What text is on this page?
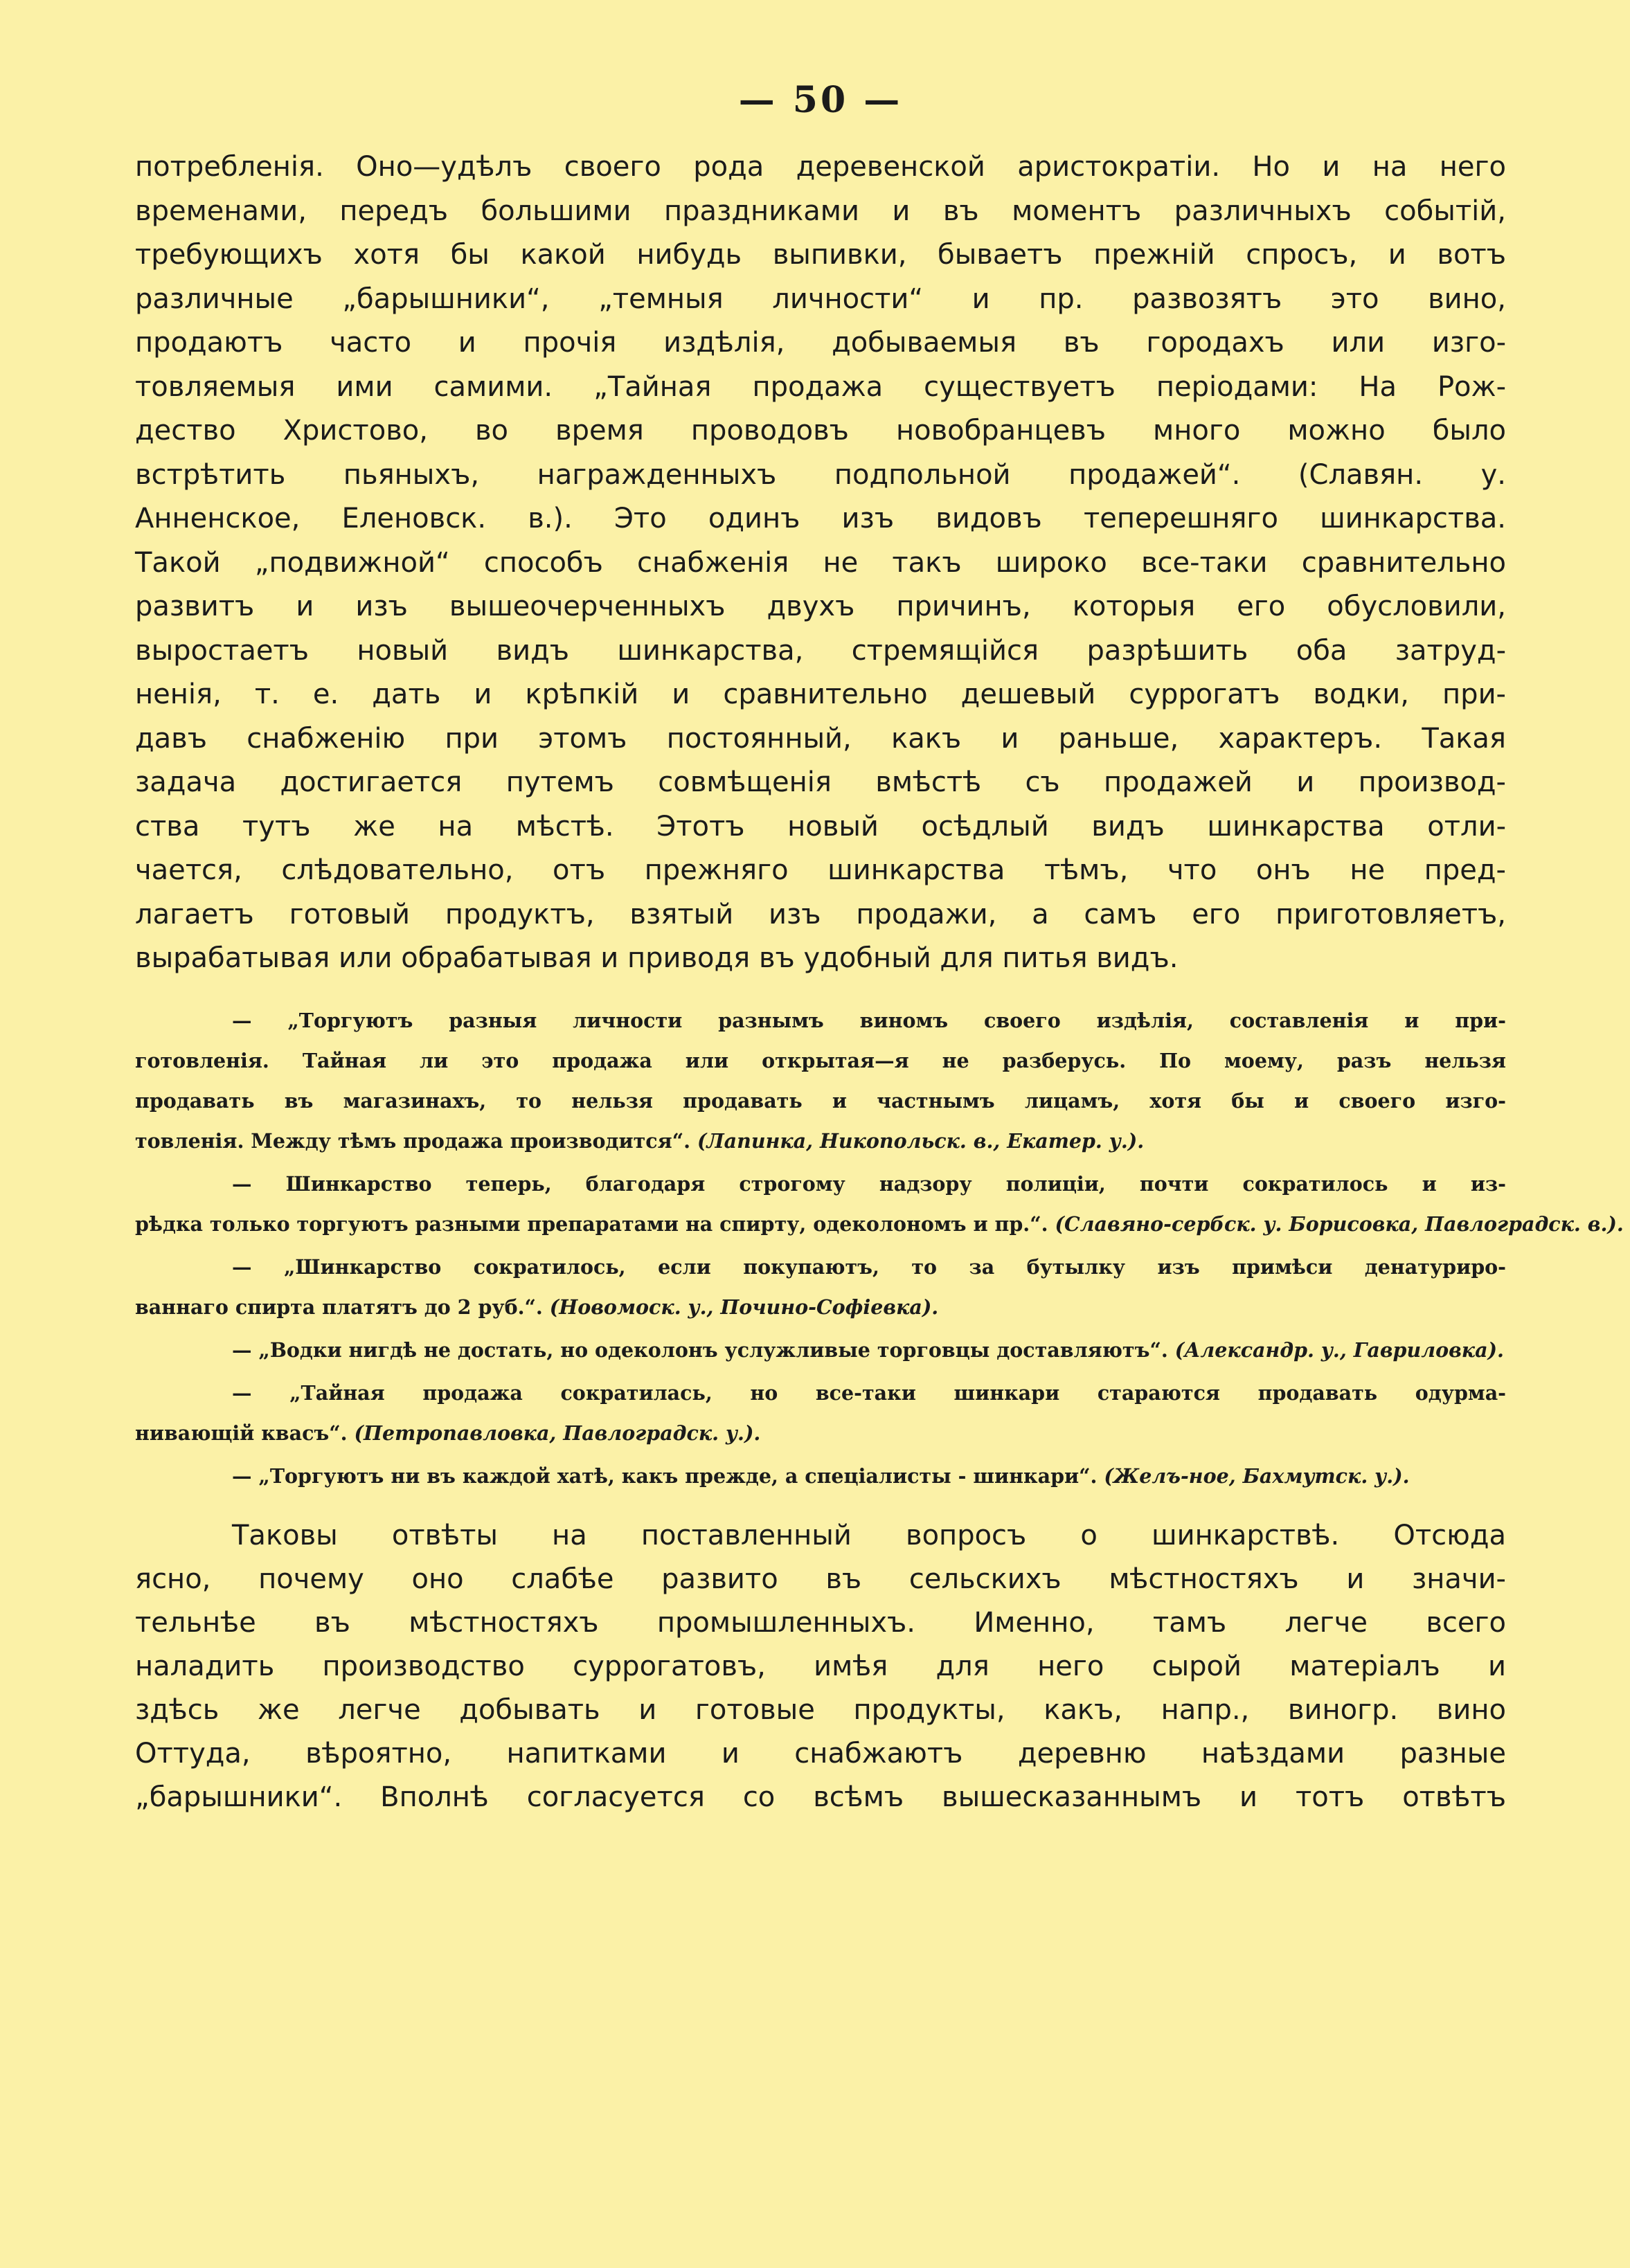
— 50 —
потребленія. Оно—удѣлъ своего рода деревенской аристократіи. Но и на него
временами, передъ большими праздниками и въ моментъ различныхъ событій,
требующихъ хотя бы какой нибудь выпивки, бываетъ прежній спросъ, и вотъ
различные „барышники“, „темныя личности“ и пр. развозятъ это вино,
продаютъ часто и прочія издѣлія, добываемыя въ городахъ или изго-
товляемыя ими самими. „Тайная продажа существуетъ періодами: На Рож-
дество Христово, во время проводовъ новобранцевъ много можно было
встрѣтить пьяныхъ, награжденныхъ подпольной продажей“. (Славян. у.
Анненское, Еленовск. в.). Это одинъ изъ видовъ теперешняго шинкарства.
Такой „подвижной“ способъ снабженія не такъ широко все-таки сравнительно
развитъ и изъ вышеочерченныхъ двухъ причинъ, которыя его обусловили,
выростаетъ новый видъ шинкарства, стремящійся разрѣшить оба затруд-
ненія, т. е. дать и крѣпкій и сравнительно дешевый суррогатъ водки, при-
давъ снабженію при этомъ постоянный, какъ и раньше, характеръ. Такая
задача достигается путемъ совмѣщенія вмѣстѣ съ продажей и производ-
ства тутъ же на мѣстѣ. Этотъ новый осѣдлый видъ шинкарства отли-
чается, слѣдовательно, отъ прежняго шинкарства тѣмъ, что онъ не пред-
лагаетъ готовый продуктъ, взятый изъ продажи, а самъ его приготовляетъ,
вырабатывая или обрабатывая и приводя въ удобный для питья видъ.
— „Торгуютъ разныя личности разнымъ виномъ своего издѣлія, составленія и при-
готовленія. Тайная ли это продажа или открытая—я не разберусь. По моему, разъ нельзя
продавать въ магазинахъ, то нельзя продавать и частнымъ лицамъ, хотя бы и своего изго-
товленія. Между тѣмъ продажа производится“. (Лапинка, Никопольск. в., Екатер. у.).
— Шинкарство теперь, благодаря строгому надзору полиціи, почти сократилось и из-
рѣдка только торгуютъ разными препаратами на спирту, одеколономъ и пр.“. (Славяно-сербск. у. Борисовка, Павлоградск. в.).
— „Шинкарство сократилось, если покупаютъ, то за бутылку изъ примѣси денатуриро-
ваннаго спирта платятъ до 2 руб.“. (Новомоск. у., Почино-Софіевка).
— „Водки нигдѣ не достать, но одеколонъ услужливые торговцы доставляютъ“. (Александр. у., Гавриловка).
— „Тайная продажа сократилась, но все-таки шинкари стараются продавать одурма-
нивающій квасъ“. (Петропавловка, Павлоградск. у.).
— „Торгуютъ ни въ каждой хатѣ, какъ прежде, а спеціалисты - шинкари“. (Желъ-ное, Бахмутск. у.).
Таковы отвѣты на поставленный вопросъ о шинкарствѣ. Отсюда
ясно, почему оно слабѣе развито въ сельскихъ мѣстностяхъ и значи-
тельнѣе въ мѣстностяхъ промышленныхъ. Именно, тамъ легче всего
наладить производство суррогатовъ, имѣя для него сырой матеріалъ и
здѣсь же легче добывать и готовые продукты, какъ, напр., виногр. вино
Оттуда, вѣроятно, напитками и снабжаютъ деревню наѣздами разные
„барышники“. Вполнѣ согласуется со всѣмъ вышесказаннымъ и тотъ отвѣтъ
